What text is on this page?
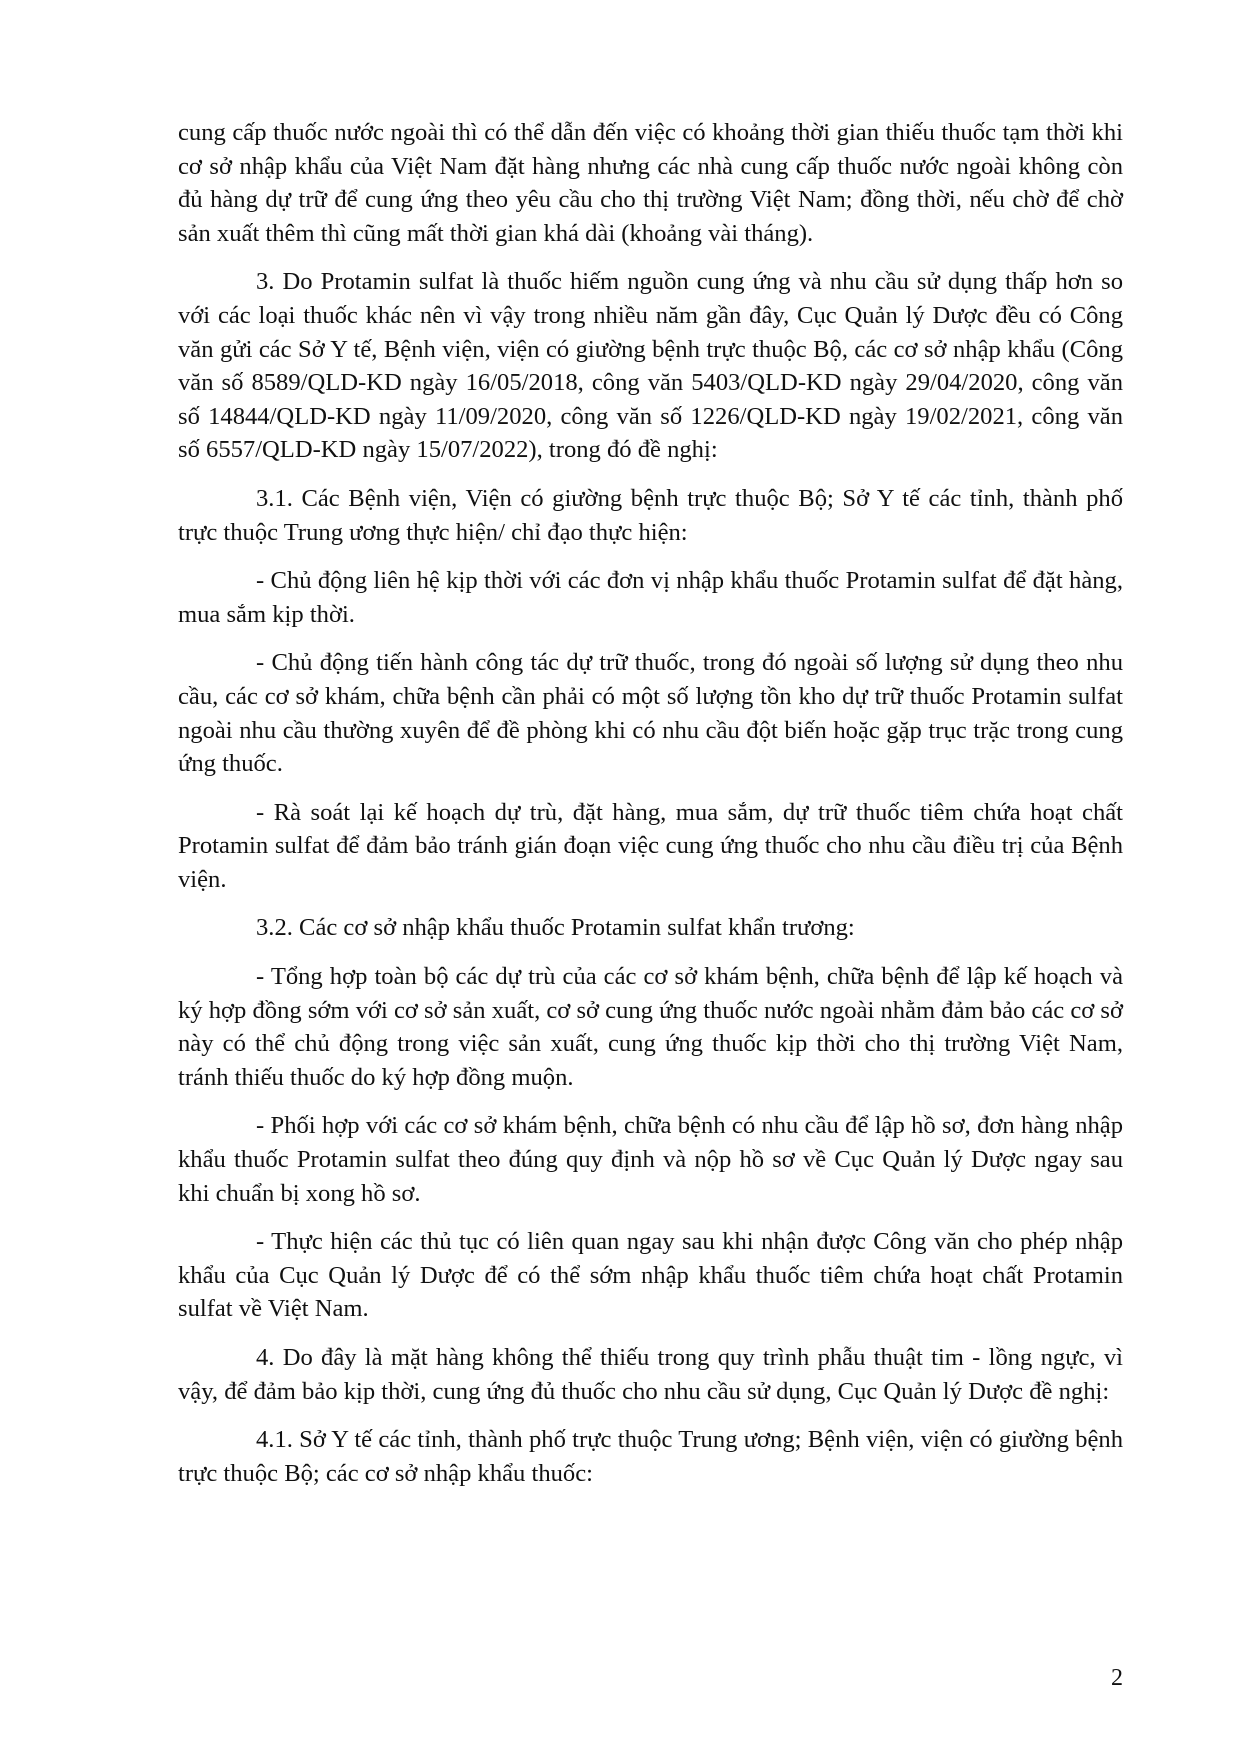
cung cấp thuốc nước ngoài thì có thể dẫn đến việc có khoảng thời gian thiếu thuốc tạm thời khi cơ sở nhập khẩu của Việt Nam đặt hàng nhưng các nhà cung cấp thuốc nước ngoài không còn đủ hàng dự trữ để cung ứng theo yêu cầu cho thị trường Việt Nam; đồng thời, nếu chờ để chờ sản xuất thêm thì cũng mất thời gian khá dài (khoảng vài tháng).

3. Do Protamin sulfat là thuốc hiếm nguồn cung ứng và nhu cầu sử dụng thấp hơn so với các loại thuốc khác nên vì vậy trong nhiều năm gần đây, Cục Quản lý Dược đều có Công văn gửi các Sở Y tế, Bệnh viện, viện có giường bệnh trực thuộc Bộ, các cơ sở nhập khẩu (Công văn số 8589/QLD-KD ngày 16/05/2018, công văn 5403/QLD-KD ngày 29/04/2020, công văn số 14844/QLD-KD ngày 11/09/2020, công văn số 1226/QLD-KD ngày 19/02/2021, công văn số 6557/QLD-KD ngày 15/07/2022), trong đó đề nghị:

3.1. Các Bệnh viện, Viện có giường bệnh trực thuộc Bộ; Sở Y tế các tỉnh, thành phố trực thuộc Trung ương thực hiện/ chỉ đạo thực hiện:

- Chủ động liên hệ kịp thời với các đơn vị nhập khẩu thuốc Protamin sulfat để đặt hàng, mua sắm kịp thời.

- Chủ động tiến hành công tác dự trữ thuốc, trong đó ngoài số lượng sử dụng theo nhu cầu, các cơ sở khám, chữa bệnh cần phải có một số lượng tồn kho dự trữ thuốc Protamin sulfat ngoài nhu cầu thường xuyên để đề phòng khi có nhu cầu đột biến hoặc gặp trục trặc trong cung ứng thuốc.

- Rà soát lại kế hoạch dự trù, đặt hàng, mua sắm, dự trữ thuốc tiêm chứa hoạt chất Protamin sulfat để đảm bảo tránh gián đoạn việc cung ứng thuốc cho nhu cầu điều trị của Bệnh viện.

3.2. Các cơ sở nhập khẩu thuốc Protamin sulfat khẩn trương:

- Tổng hợp toàn bộ các dự trù của các cơ sở khám bệnh, chữa bệnh để lập kế hoạch và ký hợp đồng sớm với cơ sở sản xuất, cơ sở cung ứng thuốc nước ngoài nhằm đảm bảo các cơ sở này có thể chủ động trong việc sản xuất, cung ứng thuốc kịp thời cho thị trường Việt Nam, tránh thiếu thuốc do ký hợp đồng muộn.

- Phối hợp với các cơ sở khám bệnh, chữa bệnh có nhu cầu để lập hồ sơ, đơn hàng nhập khẩu thuốc Protamin sulfat theo đúng quy định và nộp hồ sơ về Cục Quản lý Dược ngay sau khi chuẩn bị xong hồ sơ.

- Thực hiện các thủ tục có liên quan ngay sau khi nhận được Công văn cho phép nhập khẩu của Cục Quản lý Dược để có thể sớm nhập khẩu thuốc tiêm chứa hoạt chất Protamin sulfat về Việt Nam.

4. Do đây là mặt hàng không thể thiếu trong quy trình phẫu thuật tim - lồng ngực, vì vậy, để đảm bảo kịp thời, cung ứng đủ thuốc cho nhu cầu sử dụng, Cục Quản lý Dược đề nghị:

4.1. Sở Y tế các tỉnh, thành phố trực thuộc Trung ương; Bệnh viện, viện có giường bệnh trực thuộc Bộ; các cơ sở nhập khẩu thuốc:

2
